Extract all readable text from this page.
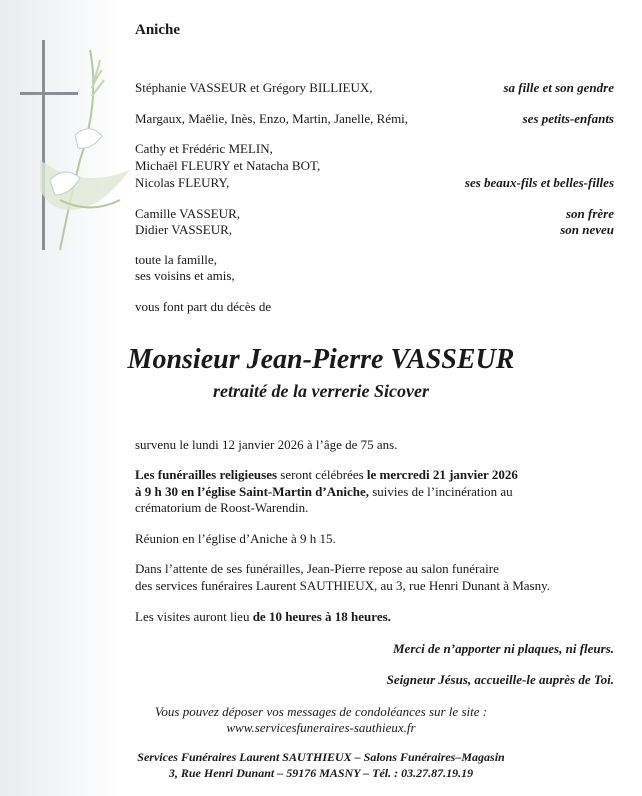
Aniche
Stéphanie VASSEUR et Grégory BILLIEUX,	sa fille et son gendre
Margaux, Maëlie, Inès, Enzo, Martin, Janelle, Rémi,	ses petits-enfants
Cathy et Frédéric MELIN,
Michaël FLEURY et Natacha BOT,
Nicolas FLEURY,	ses beaux-fils et belles-filles
Camille VASSEUR,	son frère
Didier VASSEUR,	son neveu
toute la famille,
ses voisins et amis,
vous font part du décès de
Monsieur Jean-Pierre VASSEUR
retraité de la verrerie Sicover
survenu le lundi 12 janvier 2026 à l’âge de 75 ans.
Les funérailles religieuses seront célébrées le mercredi 21 janvier 2026
à 9 h 30 en l’église Saint-Martin d’Aniche, suivies de l’incinération au
crématorium de Roost-Warendin.
Réunion en l’église d’Aniche à 9 h 15.
Dans l’attente de ses funérailles, Jean-Pierre repose au salon funéraire
des services funéraires Laurent SAUTHIEUX, au 3, rue Henri Dunant à Masny.
Les visites auront lieu de 10 heures à 18 heures.
Merci de n’apporter ni plaques, ni fleurs.
Seigneur Jésus, accueille-le auprès de Toi.
Vous pouvez déposer vos messages de condoléances sur le site :
www.servicesfuneraires-sauthieux.fr
Services Funéraires Laurent SAUTHIEUX – Salons Funéraires–Magasin
3, Rue Henri Dunant – 59176 MASNY – Tél. : 03.27.87.19.19
